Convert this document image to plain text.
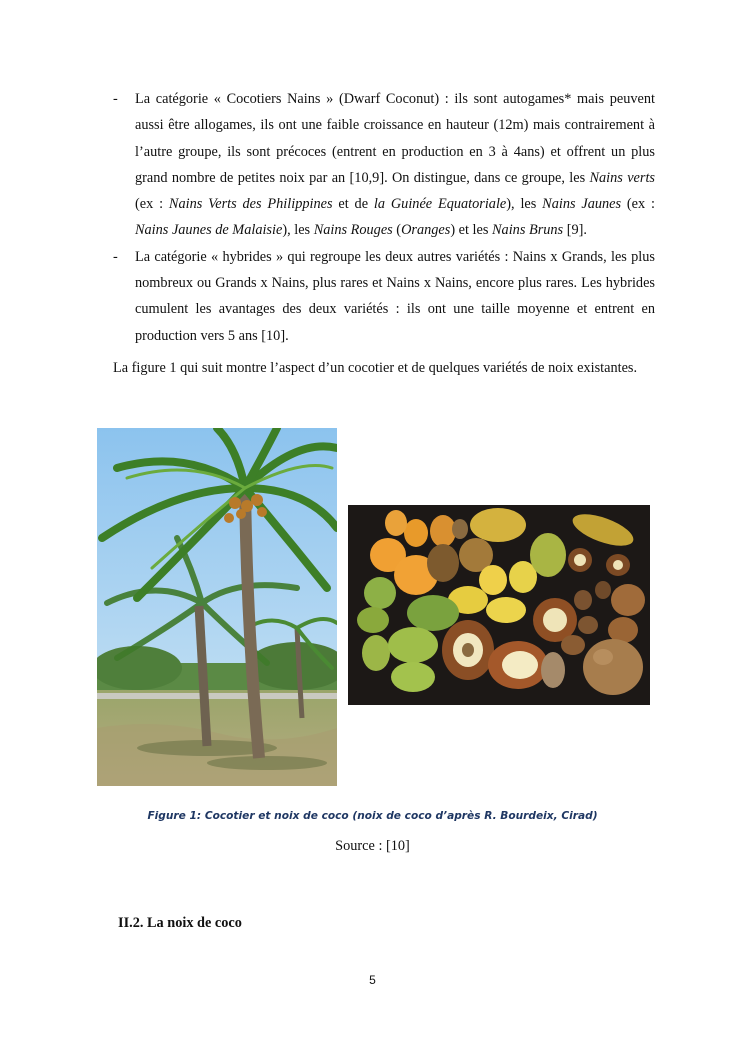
- La catégorie « Cocotiers Nains » (Dwarf Coconut) : ils sont autogames* mais peuvent aussi être allogames, ils ont une faible croissance en hauteur (12m) mais contrairement à l’autre groupe, ils sont précoces (entrent en production en 3 à 4ans) et offrent un plus grand nombre de petites noix par an [10,9]. On distingue, dans ce groupe, les Nains verts (ex : Nains Verts des Philippines et de la Guinée Equatoriale), les Nains Jaunes (ex : Nains Jaunes de Malaisie), les Nains Rouges (Oranges) et les Nains Bruns [9].
- La catégorie « hybrides » qui regroupe les deux autres variétés : Nains x Grands, les plus nombreux ou Grands x Nains, plus rares et Nains x Nains, encore plus rares. Les hybrides cumulent les avantages des deux variétés : ils ont une taille moyenne et entrent en production vers 5 ans [10].

La figure 1 qui suit montre l’aspect d’un cocotier et de quelques variétés de noix existantes.

Figure 1: Cocotier et noix de coco (noix de coco d’après R. Bourdeix, Cirad)
Source : [10]
II.2. La noix de coco
5
